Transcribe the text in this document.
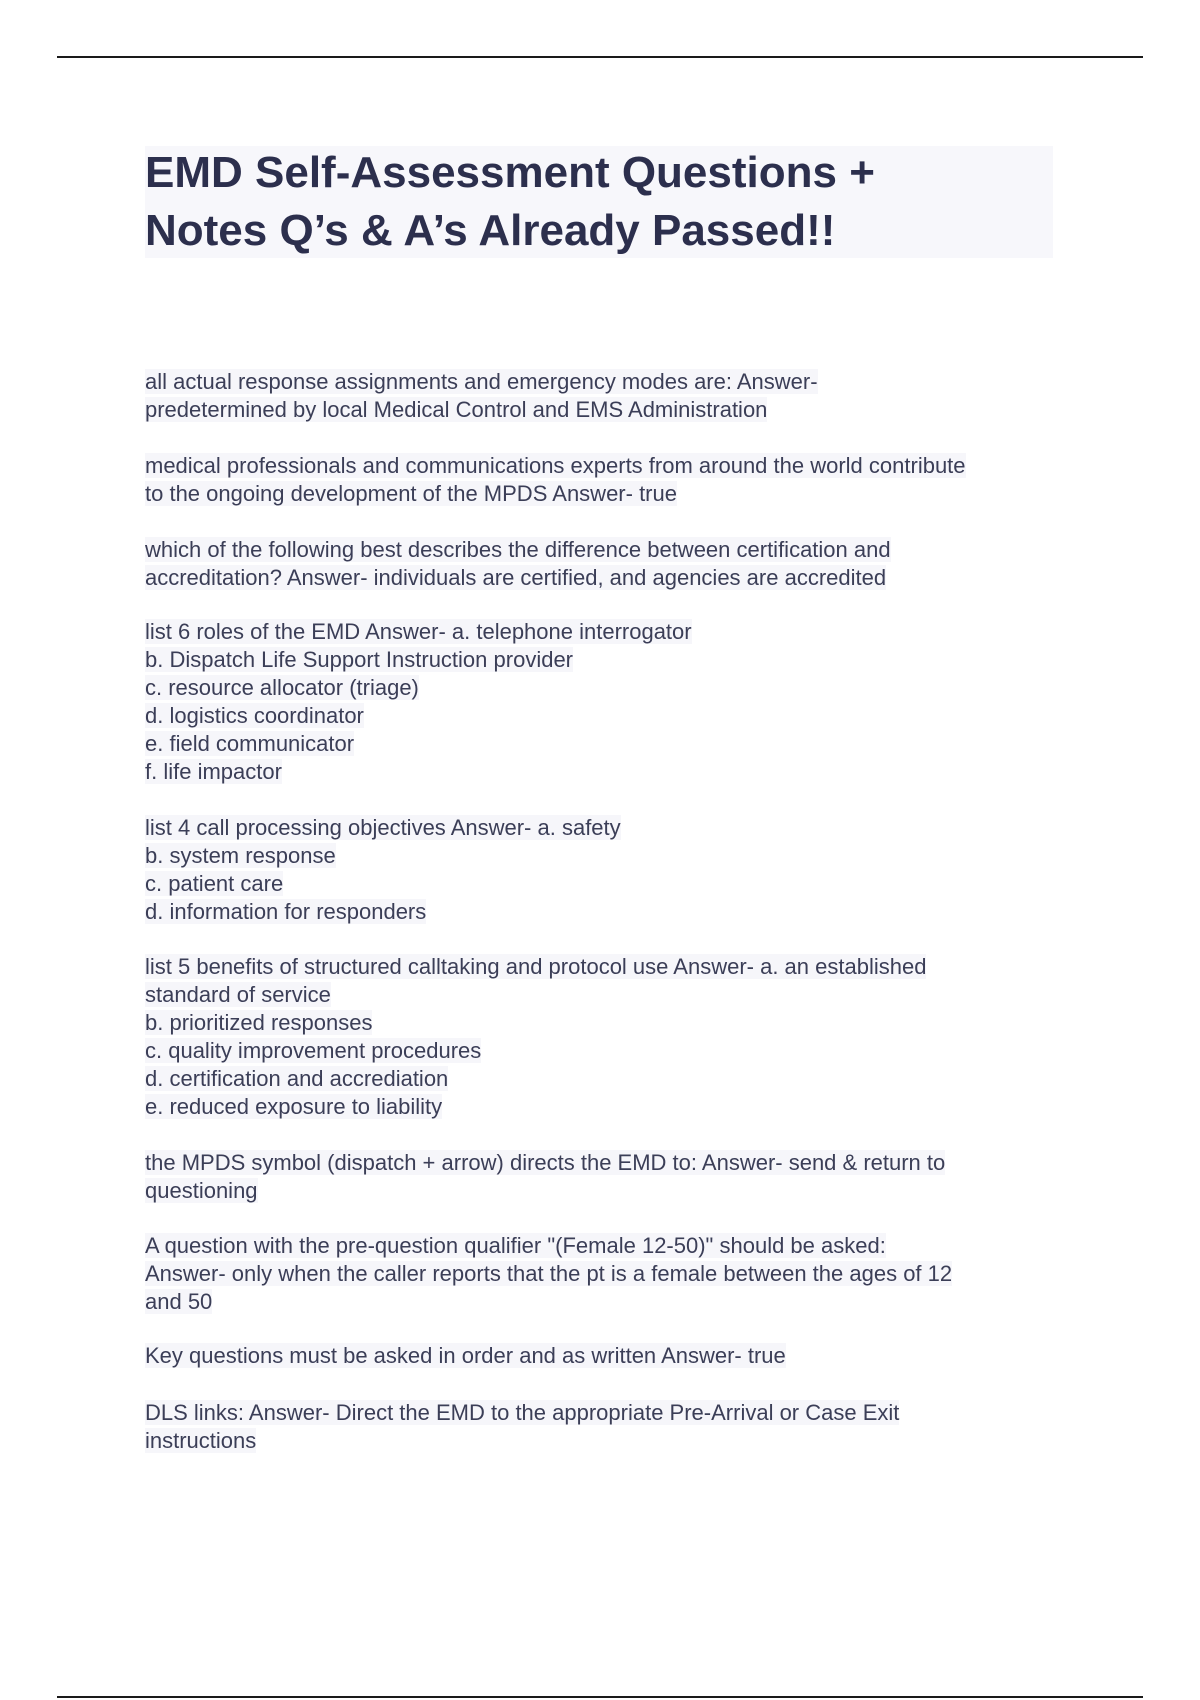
EMD Self-Assessment Questions +
Notes Q’s & A’s Already Passed!!
all actual response assignments and emergency modes are: Answer-
predetermined by local Medical Control and EMS Administration
medical professionals and communications experts from around the world contribute
to the ongoing development of the MPDS Answer- true
which of the following best describes the difference between certification and
accreditation? Answer- individuals are certified, and agencies are accredited
list 6 roles of the EMD Answer- a. telephone interrogator
b. Dispatch Life Support Instruction provider
c. resource allocator (triage)
d. logistics coordinator
e. field communicator
f. life impactor
list 4 call processing objectives Answer- a. safety
b. system response
c. patient care
d. information for responders
list 5 benefits of structured calltaking and protocol use Answer- a. an established
standard of service
b. prioritized responses
c. quality improvement procedures
d. certification and accrediation
e. reduced exposure to liability
the MPDS symbol (dispatch + arrow) directs the EMD to: Answer- send & return to
questioning
A question with the pre-question qualifier "(Female 12-50)" should be asked:
Answer- only when the caller reports that the pt is a female between the ages of 12
and 50
Key questions must be asked in order and as written Answer- true
DLS links: Answer- Direct the EMD to the appropriate Pre-Arrival or Case Exit
instructions
